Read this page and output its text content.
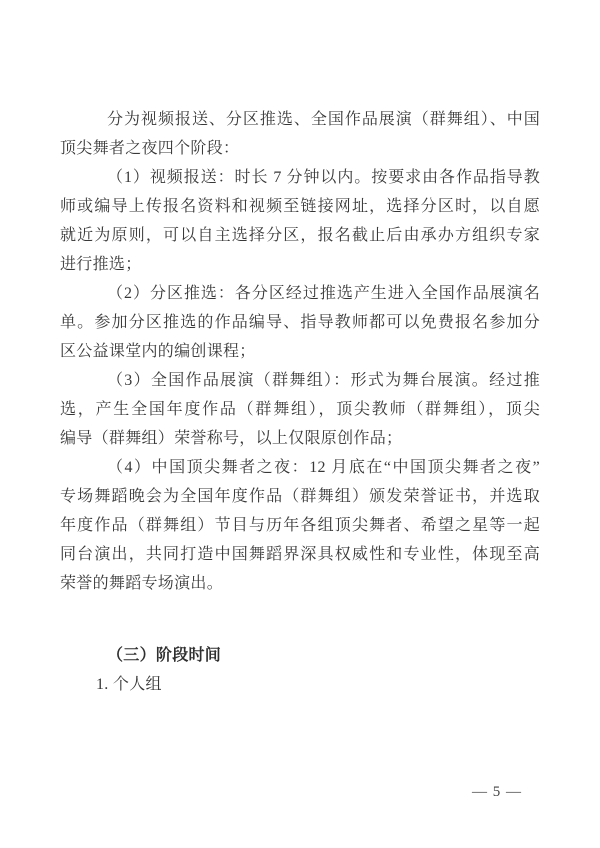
分为视频报送、分区推选、全国作品展演（群舞组）、中国
顶尖舞者之夜四个阶段：
（1）视频报送：时长 7 分钟以内。按要求由各作品指导教
师或编导上传报名资料和视频至链接网址，选择分区时，以自愿
就近为原则，可以自主选择分区，报名截止后由承办方组织专家
进行推选；
（2）分区推选：各分区经过推选产生进入全国作品展演名
单。参加分区推选的作品编导、指导教师都可以免费报名参加分
区公益课堂内的编创课程；
（3）全国作品展演（群舞组）：形式为舞台展演。经过推
选，产生全国年度作品（群舞组），顶尖教师（群舞组），顶尖
编导（群舞组）荣誉称号，以上仅限原创作品；
（4）中国顶尖舞者之夜：12 月底在“中国顶尖舞者之夜”
专场舞蹈晚会为全国年度作品（群舞组）颁发荣誉证书，并选取
年度作品（群舞组）节目与历年各组顶尖舞者、希望之星等一起
同台演出，共同打造中国舞蹈界深具权威性和专业性，体现至高
荣誉的舞蹈专场演出。
（三）阶段时间
1. 个人组
— 5 —
